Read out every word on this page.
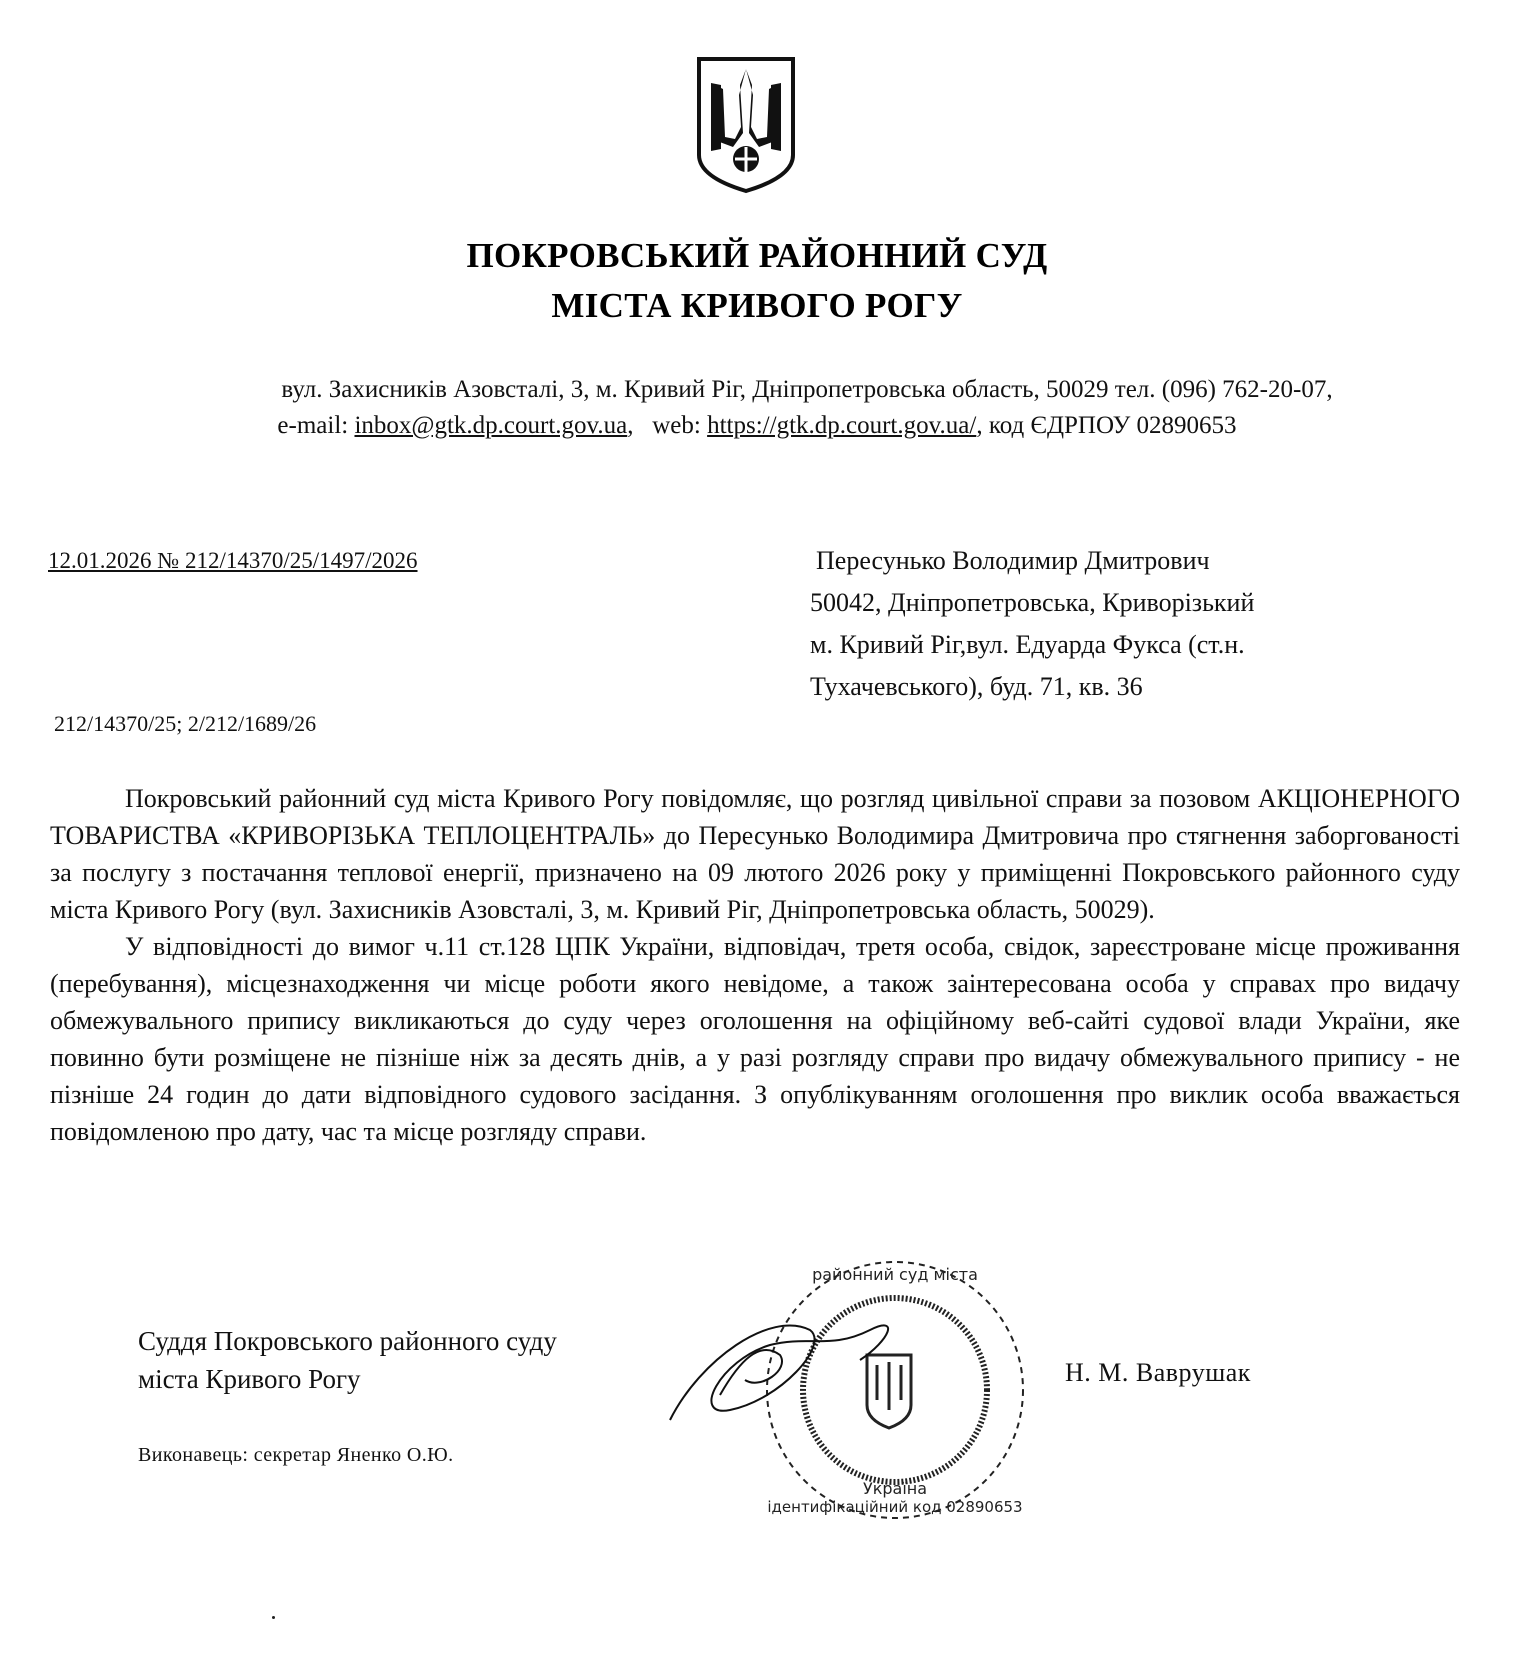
ПОКРОВСЬКИЙ РАЙОННИЙ СУД
МІСТА КРИВОГО РОГУ
вул. Захисників Азовсталі, 3, м. Кривий Ріг, Дніпропетровська область, 50029 тел. (096) 762-20-07,
e-mail: inbox@gtk.dp.court.gov.ua,   web: https://gtk.dp.court.gov.ua/, код ЄДРПОУ 02890653
12.01.2026 № 212/14370/25/1497/2026	Пересунько Володимир Дмитрович
50042, Дніпропетровська, Криворізький
м. Кривий Ріг,вул. Едуарда Фукса (ст.н.
Тухачевського), буд. 71, кв. 36
212/14370/25; 2/212/1689/26

Покровський районний суд міста Кривого Рогу повідомляє, що розгляд цивільної справи за позовом АКЦІОНЕРНОГО ТОВАРИСТВА «КРИВОРІЗЬКА ТЕПЛОЦЕНТРАЛЬ» до Пересунько Володимира Дмитровича про стягнення заборгованості за послугу з постачання теплової енергії, призначено на 09 лютого 2026 року у приміщенні Покровського районного суду міста Кривого Рогу (вул. Захисників Азовсталі, 3, м. Кривий Ріг, Дніпропетровська область, 50029).

У відповідності до вимог ч.11 ст.128 ЦПК України, відповідач, третя особа, свідок, зареєстроване місце проживання (перебування), місцезнаходження чи місце роботи якого невідоме, а також заінтересована особа у справах про видачу обмежувального припису викликаються до суду через оголошення на офіційному веб-сайті судової влади України, яке повинно бути розміщене не пізніше ніж за десять днів, а у разі розгляду справи про видачу обмежувального припису - не пізніше 24 годин до дати відповідного судового засідання. З опублікуванням оголошення про виклик особа вважається повідомленою про дату, час та місце розгляду справи.

Суддя Покровського районного суду
міста Кривого Рогу
районний суд міста
ідентифікаційний код 02890653
Україна
Н. М. Ваврушак
Виконавець: секретар Яненко О.Ю.
